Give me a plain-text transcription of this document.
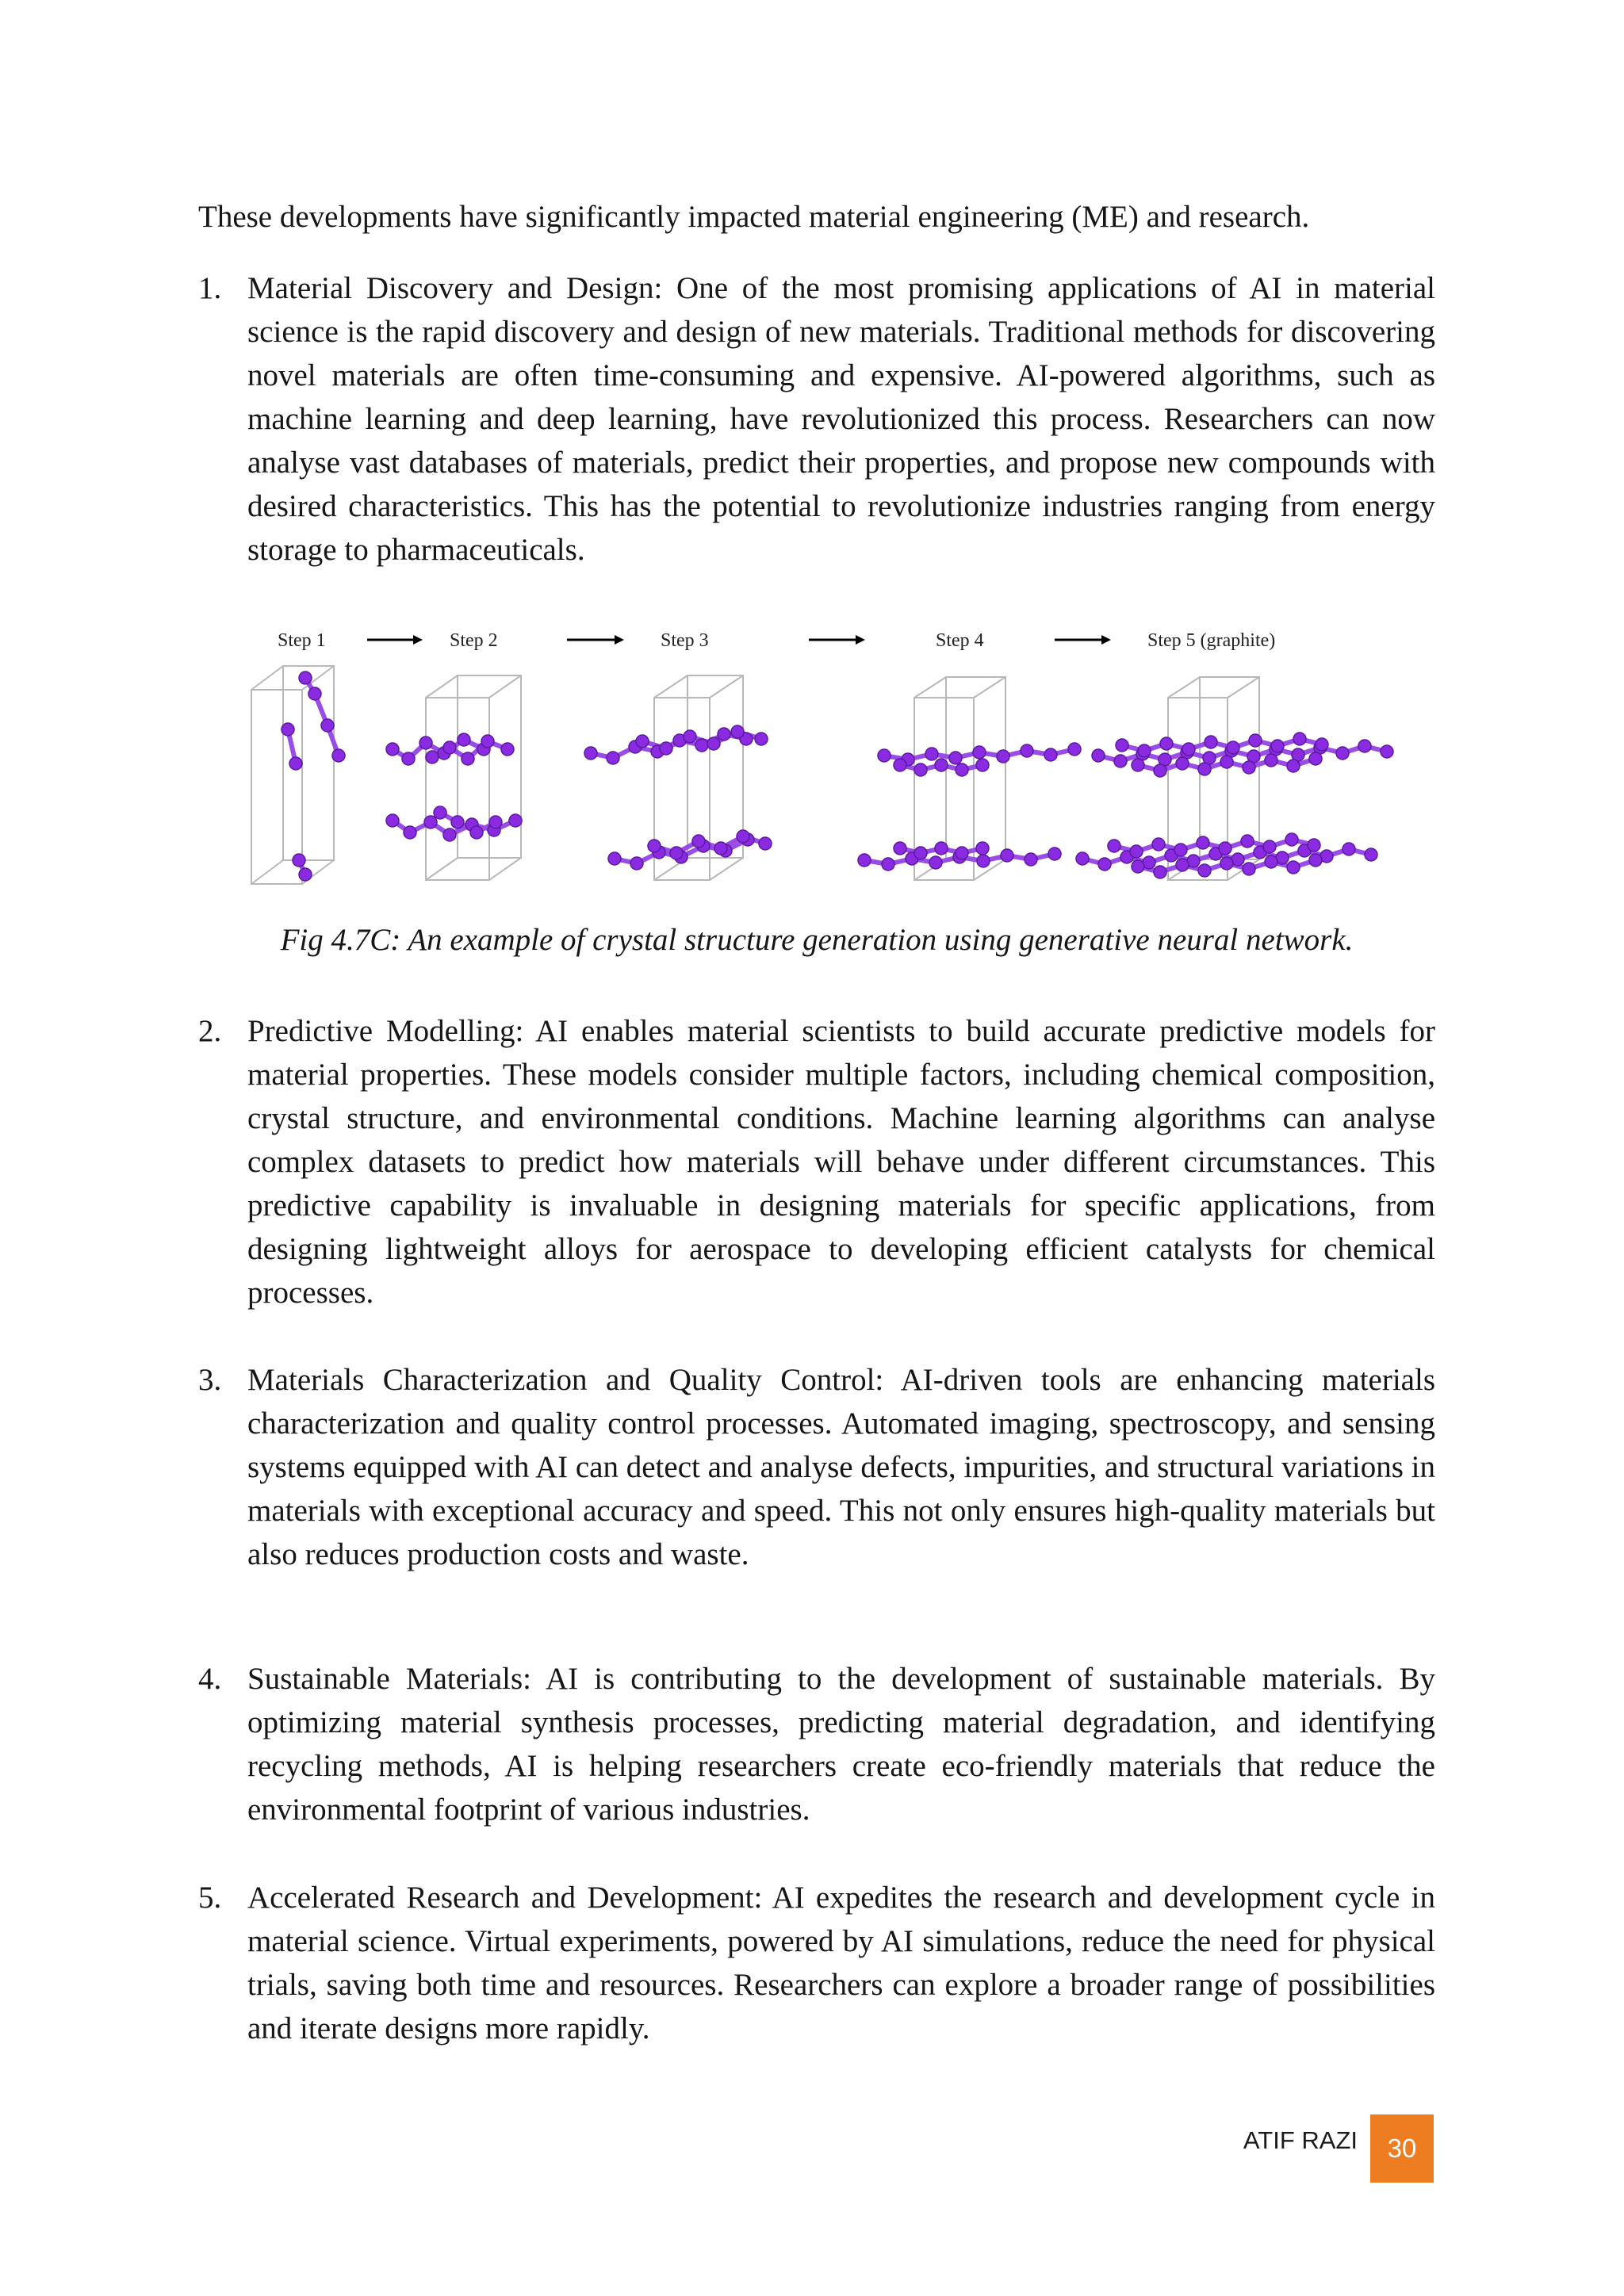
These developments have significantly impacted material engineering (ME) and research.

1. Material Discovery and Design: One of the most promising applications of AI in material science is the rapid discovery and design of new materials. Traditional methods for discovering novel materials are often time-consuming and expensive. AI-powered algorithms, such as machine learning and deep learning, have revolutionized this process. Researchers can now analyse vast databases of materials, predict their properties, and propose new compounds with desired characteristics. This has the potential to revolutionize industries ranging from energy storage to pharmaceuticals.
Step 1	Step 2	Step 3	Step 4	Step 5 (graphite)
Fig 4.7C: An example of crystal structure generation using generative neural network.
2. Predictive Modelling: AI enables material scientists to build accurate predictive models for material properties. These models consider multiple factors, including chemical composition, crystal structure, and environmental conditions. Machine learning algorithms can analyse complex datasets to predict how materials will behave under different circumstances. This predictive capability is invaluable in designing materials for specific applications, from designing lightweight alloys for aerospace to developing efficient catalysts for chemical processes.
3. Materials Characterization and Quality Control: AI-driven tools are enhancing materials characterization and quality control processes. Automated imaging, spectroscopy, and sensing systems equipped with AI can detect and analyse defects, impurities, and structural variations in materials with exceptional accuracy and speed. This not only ensures high-quality materials but also reduces production costs and waste.
4. Sustainable Materials: AI is contributing to the development of sustainable materials. By optimizing material synthesis processes, predicting material degradation, and identifying recycling methods, AI is helping researchers create eco-friendly materials that reduce the environmental footprint of various industries.
5. Accelerated Research and Development: AI expedites the research and development cycle in material science. Virtual experiments, powered by AI simulations, reduce the need for physical trials, saving both time and resources. Researchers can explore a broader range of possibilities and iterate designs more rapidly.
ATIF RAZI	30
